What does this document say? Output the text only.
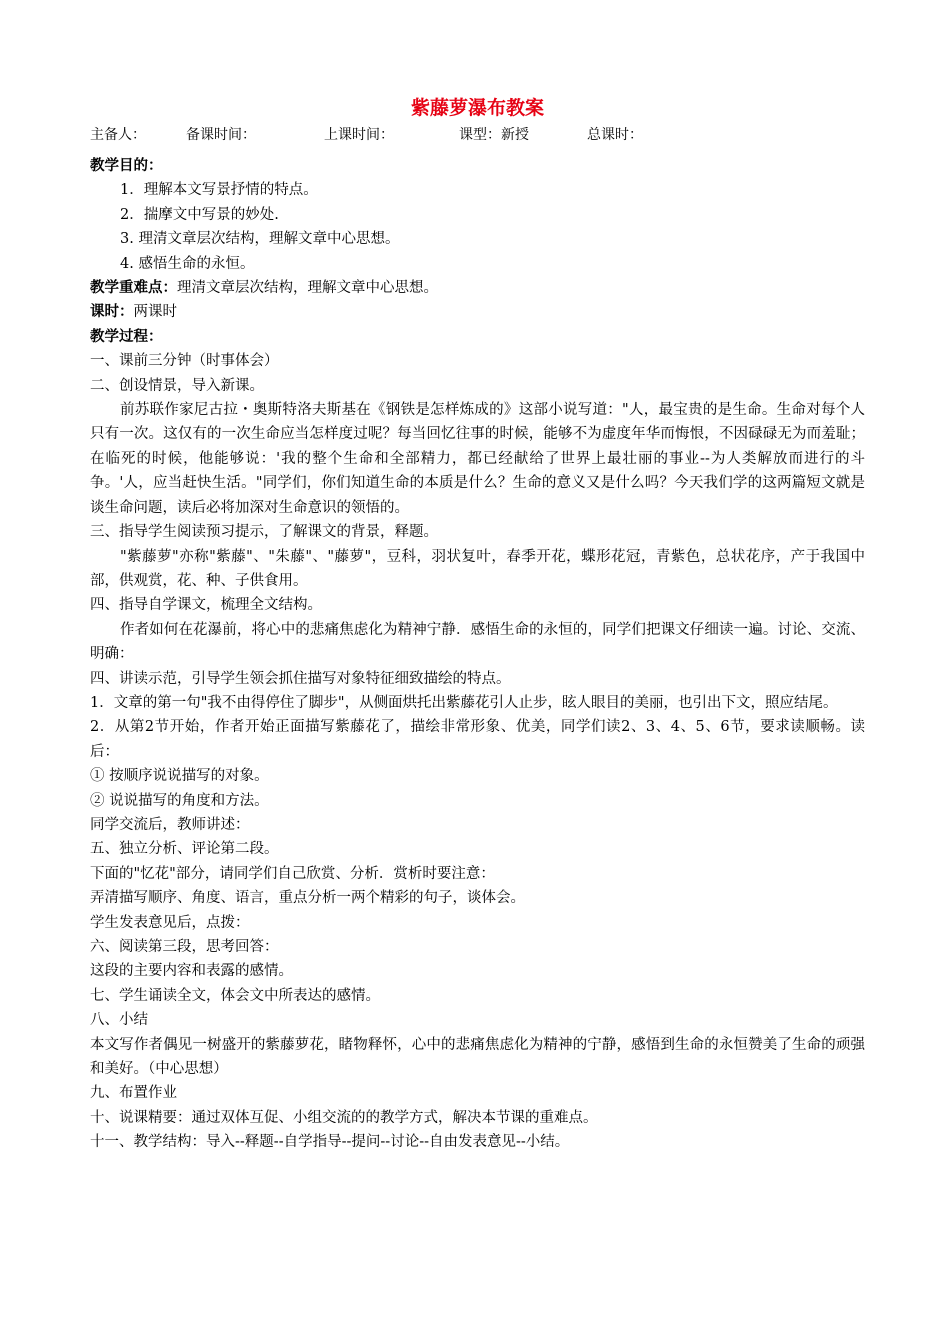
紫藤萝瀑布教案
主备人：	备课时间：	上课时间：	课型：新授	总课时：
教学目的：
1．理解本文写景抒情的特点。
2．揣摩文中写景的妙处.
3. 理清文章层次结构，理解文章中心思想。
4. 感悟生命的永恒。
教学重难点：理清文章层次结构，理解文章中心思想。
课时：两课时
教学过程：
一、课前三分钟（时事体会）
二、创设情景，导入新课。
前苏联作家尼古拉・奥斯特洛夫斯基在《钢铁是怎样炼成的》这部小说写道："人，最宝贵的是生命。生命对每个人只有一次。这仅有的一次生命应当怎样度过呢？每当回忆往事的时候，能够不为虚度年华而悔恨，不因碌碌无为而羞耻；在临死的时候，他能够说：'我的整个生命和全部精力，都已经献给了世界上最壮丽的事业--为人类解放而进行的斗争。'人，应当赶快生活。"同学们，你们知道生命的本质是什么？生命的意义又是什么吗？今天我们学的这两篇短文就是谈生命问题，读后必将加深对生命意识的领悟的。
三、指导学生阅读预习提示，了解课文的背景，释题。
"紫藤萝"亦称"紫藤"、"朱藤"、"藤萝"，豆科，羽状复叶，春季开花，蝶形花冠，青紫色，总状花序，产于我国中部，供观赏，花、种、子供食用。
四、指导自学课文，梳理全文结构。
作者如何在花瀑前，将心中的悲痛焦虑化为精神宁静．感悟生命的永恒的，同学们把课文仔细读一遍。讨论、交流、明确：
四、讲读示范，引导学生领会抓住描写对象特征细致描绘的特点。
1．文章的第一句"我不由得停住了脚步"，从侧面烘托出紫藤花引人止步，眩人眼目的美丽，也引出下文，照应结尾。
2．从第2节开始，作者开始正面描写紫藤花了，描绘非常形象、优美，同学们读2、3、4、5、6节，要求读顺畅。读后：
① 按顺序说说描写的对象。
② 说说描写的角度和方法。
同学交流后，教师讲述：
五、独立分析、评论第二段。
下面的"忆花"部分，请同学们自己欣赏、分析．赏析时要注意：
弄清描写顺序、角度、语言，重点分析一两个精彩的句子，谈体会。
学生发表意见后，点拨：
六、阅读第三段，思考回答：
这段的主要内容和表露的感情。
七、学生诵读全文，体会文中所表达的感情。
八、小结
本文写作者偶见一树盛开的紫藤萝花，睹物释怀，心中的悲痛焦虑化为精神的宁静，感悟到生命的永恒赞美了生命的顽强和美好。（中心思想）
九、布置作业
十、说课精要：通过双体互促、小组交流的的教学方式，解决本节课的重难点。
十一、教学结构：导入--释题--自学指导--提问--讨论--自由发表意见--小结。
